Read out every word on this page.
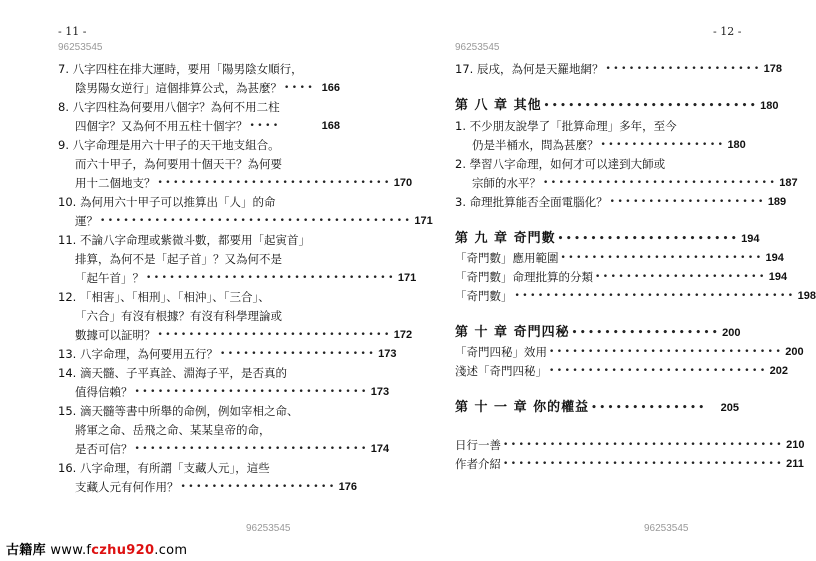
- 11 -
96253545
7. 八字四柱在排大運時，要用「陽男陰女順行，
陰男陽女逆行」這個排算公式，為甚麼？ •••• 166
8. 八字四柱為何要用八個字？為何不用二柱
四個字？又為何不用五柱十個字？ ••••	168
9. 八字命理是用六十甲子的天干地支組合。
而六十甲子，為何要用十個天干？為何要
用十二個地支？ •••••••••••••••••••••••••••••• 170
10. 為何用六十甲子可以推算出「人」的命
運？ •••••••••••••••••••••••••••••••••••••••• 171
11. 不論八字命理或紫微斗數，都要用「起寅首」
排算，為何不是「起子首」？又為何不是
「起午首」？ •••••••••••••••••••••••••••••••• 171
12. 「相害」、「相刑」、「相沖」、「三合」、
「六合」有沒有根據？有沒有科學理論或
數據可以証明？ •••••••••••••••••••••••••••••• 172
13. 八字命理，為何要用五行？ •••••••••••••••••••• 173
14. 滴天髓、子平真詮、淵海子平，是否真的
值得信賴？ •••••••••••••••••••••••••••••• 173
15. 滴天髓等書中所舉的命例，例如宰相之命、
將軍之命、岳飛之命、某某皇帝的命，
是否可信？ •••••••••••••••••••••••••••••• 174
16. 八字命理，有所謂「支藏人元」，這些
支藏人元有何作用？ •••••••••••••••••••• 176
96253545
- 12 -
96253545
17. 辰戌，為何是天羅地網？ •••••••••••••••••••• 178
第 八 章 其他 •••••••••••••••••••••••••• 180
1. 不少朋友說學了「批算命理」多年，至今
仍是半桶水，問為甚麼？ •••••••••••••••• 180
2. 學習八字命理，如何才可以達到大師或
宗師的水平？ •••••••••••••••••••••••••••••• 187
3. 命理批算能否全面電腦化？ •••••••••••••••••••• 189
第 九 章 奇門數 •••••••••••••••••••••• 194
「奇門數」應用範圍 •••••••••••••••••••••••••• 194
「奇門數」命理批算的分類 •••••••••••••••••••••• 194
「奇門數」 •••••••••••••••••••••••••••••••••••• 198
第 十 章 奇門四秘 •••••••••••••••••• 200
「奇門四秘」效用 •••••••••••••••••••••••••••••• 200
淺述「奇門四秘」 •••••••••••••••••••••••••••• 202
第 十 一 章 你的權益 ••••••••••••••	205
日行一善 •••••••••••••••••••••••••••••••••••• 210
作者介紹 •••••••••••••••••••••••••••••••••••• 211
96253545
古籍库 www.fczhu920.com
